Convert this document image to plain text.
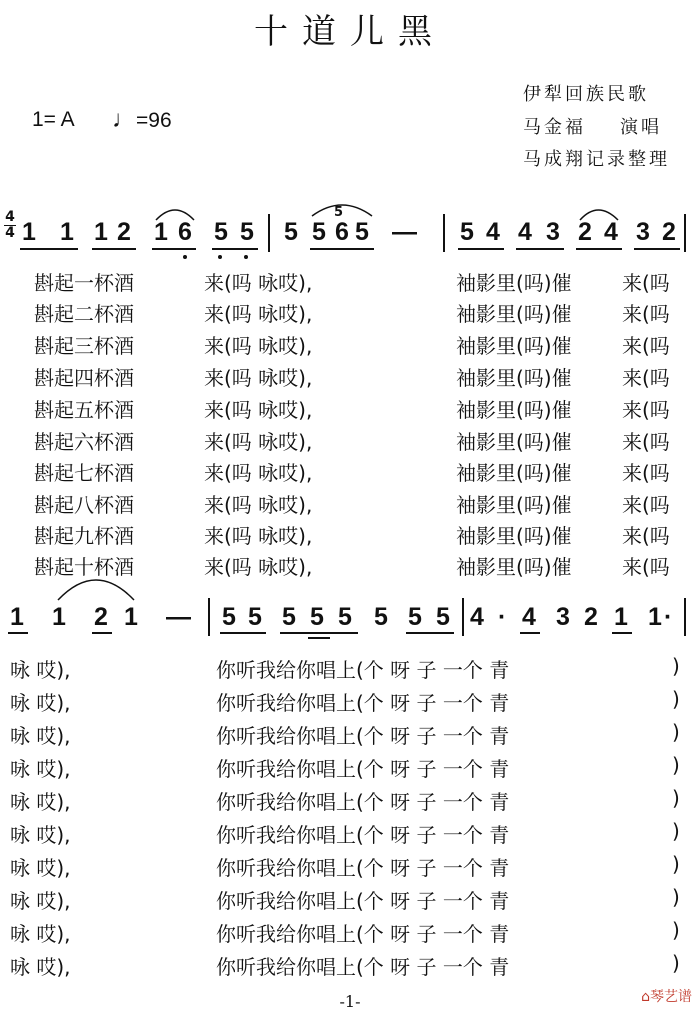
十道儿黑
1= A ♩=96
伊犁回族民歌
马金福 演唱
马成翔记录整理
4
4 1 1 1 2 1 6 5 5 5 5 6 5 —
5
5 4 4 3 2 4 3 2
斟起一杯酒	来(吗 咏哎),	袖影里(吗)催	来(吗
斟起二杯酒	来(吗 咏哎),	袖影里(吗)催	来(吗
斟起三杯酒	来(吗 咏哎),	袖影里(吗)催	来(吗
斟起四杯酒	来(吗 咏哎),	袖影里(吗)催	来(吗
斟起五杯酒	来(吗 咏哎),	袖影里(吗)催	来(吗
斟起六杯酒	来(吗 咏哎),	袖影里(吗)催	来(吗
斟起七杯酒	来(吗 咏哎),	袖影里(吗)催	来(吗
斟起八杯酒	来(吗 咏哎),	袖影里(吗)催	来(吗
斟起九杯酒	来(吗 咏哎),	袖影里(吗)催	来(吗
斟起十杯酒	来(吗 咏哎),	袖影里(吗)催	来(吗
1 1 2 1 — 5 5 5 5 5 5 5 5 4 · 4 3 2 1 1 ·
咏 哎),	你听我给你唱上(个 呀 子 一个 青	)
咏 哎),	你听我给你唱上(个 呀 子 一个 青	)
咏 哎),	你听我给你唱上(个 呀 子 一个 青	)
咏 哎),	你听我给你唱上(个 呀 子 一个 青	)
咏 哎),	你听我给你唱上(个 呀 子 一个 青	)
咏 哎),	你听我给你唱上(个 呀 子 一个 青	)
咏 哎),	你听我给你唱上(个 呀 子 一个 青	)
咏 哎),	你听我给你唱上(个 呀 子 一个 青	)
咏 哎),	你听我给你唱上(个 呀 子 一个 青	)
咏 哎),	你听我给你唱上(个 呀 子 一个 青	)
-1-	⌂琴艺谱
